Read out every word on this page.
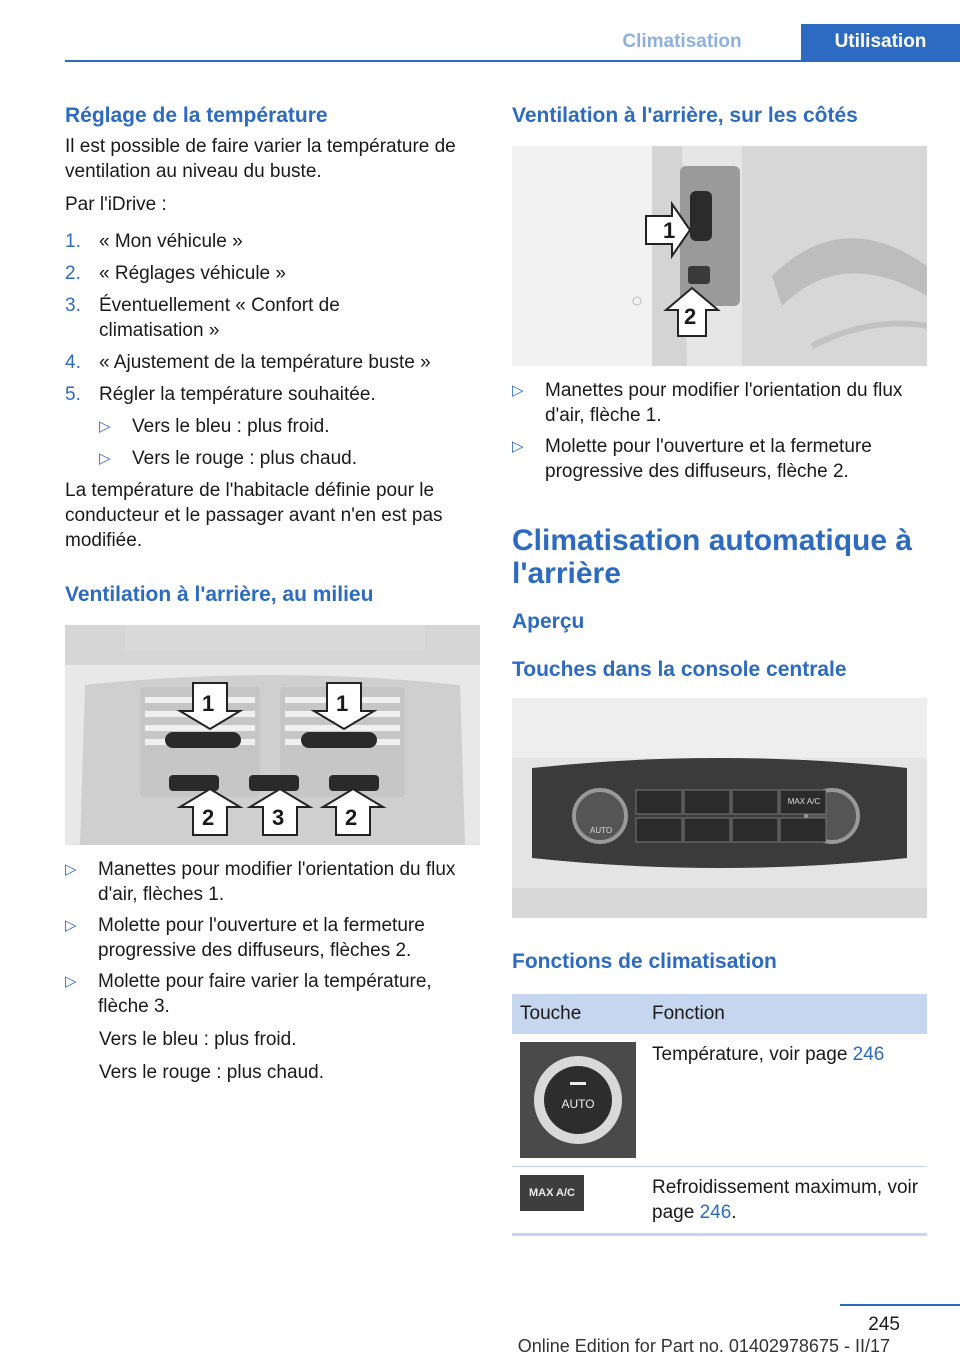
Climatisation	Utilisation
Réglage de la température

Il est possible de faire varier la température de ventilation au niveau du buste.

Par l'iDrive :

1. « Mon véhicule »
2. « Réglages véhicule »
3. Éventuellement « Confort de climatisation »
4. « Ajustement de la température buste »
5. Régler la température souhaitée.
▷	Vers le bleu : plus froid.
▷	Vers le rouge : plus chaud.

La température de l'habitacle définie pour le conducteur et le passager avant n'en est pas modifiée.

Ventilation à l'arrière, au milieu
1	1
2	3	2
▷	Manettes pour modifier l'orientation du flux d'air, flèches 1.
▷	Molette pour l'ouverture et la fermeture progressive des diffuseurs, flèches 2.
▷	Molette pour faire varier la température, flèche 3.

Vers le bleu : plus froid.

Vers le rouge : plus chaud.

Ventilation à l'arrière, sur les côtés
1
2
▷	Manettes pour modifier l'orientation du flux d'air, flèche 1.
▷	Molette pour l'ouverture et la fermeture progressive des diffuseurs, flèche 2.
Climatisation automatique à l'arrière
Aperçu
Touches dans la console centrale
AUTO
MAX A/C
Fonctions de climatisation
Touche	Fonction

AUTO	Température, voir page 246

MAX A/C	Refroidissement maximum, voir page 246.
245
Online Edition for Part no. 01402978675 - II/17
